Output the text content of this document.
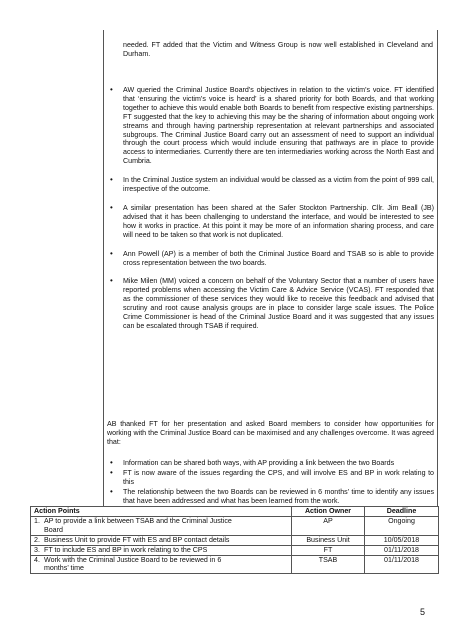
needed. FT added that the Victim and Witness Group is now well established in Cleveland and Durham.

• AW queried the Criminal Justice Board’s objectives in relation to the victim’s voice. FT identified that ‘ensuring the victim’s voice is heard’ is a shared priority for both Boards, and that working together to achieve this would enable both Boards to benefit from respective existing partnerships. FT suggested that the key to achieving this may be the sharing of information about ongoing work streams and through having partnership representation at relevant partnerships and associated subgroups. The Criminal Justice Board carry out an assessment of need to support an individual through the court process which would include ensuring that pathways are in place to provide access to intermediaries. Currently there are ten intermediaries working across the North East and Cumbria.
• In the Criminal Justice system an individual would be classed as a victim from the point of 999 call, irrespective of the outcome.
• A similar presentation has been shared at the Safer Stockton Partnership. Cllr. Jim Beall (JB) advised that it has been challenging to understand the interface, and would be interested to see how it works in practice. At this point it may be more of an information sharing process, and care will need to be taken so that work is not duplicated.
• Ann Powell (AP) is a member of both the Criminal Justice Board and TSAB so is able to provide cross representation between the two boards.
• Mike Milen (MM) voiced a concern on behalf of the Voluntary Sector that a number of users have reported problems when accessing the Victim Care & Advice Service (VCAS). FT responded that as the commissioner of these services they would like to receive this feedback and advised that scrutiny and root cause analysis groups are in place to consider large scale issues. The Police Crime Commissioner is head of the Criminal Justice Board and it was suggested that any issues can be escalated through TSAB if required.

AB thanked FT for her presentation and asked Board members to consider how opportunities for working with the Criminal Justice Board can be maximised and any challenges overcome. It was agreed that:

• Information can be shared both ways, with AP providing a link between the two Boards
• FT is now aware of the issues regarding the CPS, and will involve ES and BP in work relating to this
• The relationship between the two Boards can be reviewed in 6 months’ time to identify any issues that have been addressed and what has been learned from the work.
Action Points	Action Owner	Deadline
1. AP to provide a link between TSAB and the Criminal Justice
Board	AP	Ongoing
2. Business Unit to provide FT with ES and BP contact details	Business Unit	10/05/2018
3. FT to include ES and BP in work relating to the CPS	FT	01/11/2018
4. Work with the Criminal Justice Board to be reviewed in 6
months’ time	TSAB	01/11/2018
5
